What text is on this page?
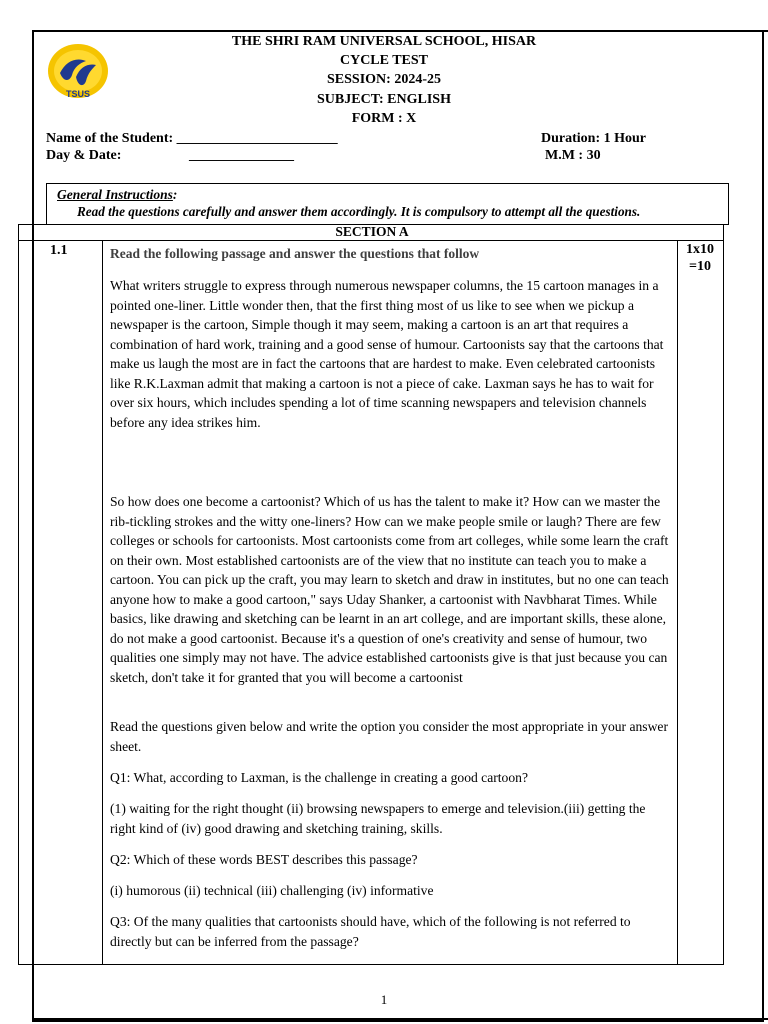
TSUS
THE SHRI RAM UNIVERSAL SCHOOL, HISAR
CYCLE TEST
SESSION: 2024-25
SUBJECT: ENGLISH
FORM : X
Name of the Student: _______________________
Day & Date:	_______________
Duration: 1 Hour
M.M : 30
General Instructions:
Read the questions carefully and answer them accordingly. It is compulsory to attempt all the questions.
SECTION A
1.1	1x10
=10
Read the following passage and answer the questions that follow

What writers struggle to express through numerous newspaper columns, the 15 cartoon manages in a pointed one-liner. Little wonder then, that the first thing most of us like to see when we pickup a newspaper is the cartoon, Simple though it may seem, making a cartoon is an art that requires a combination of hard work, training and a good sense of humour. Cartoonists say that the cartoons that make us laugh the most are in fact the cartoons that are hardest to make. Even celebrated cartoonists like R.K.Laxman admit that making a cartoon is not a piece of cake. Laxman says he has to wait for over six hours, which includes spending a lot of time scanning newspapers and television channels before any idea strikes him.

So how does one become a cartoonist? Which of us has the talent to make it? How can we master the rib-tickling strokes and the witty one-liners? How can we make people smile or laugh? There are few colleges or schools for cartoonists. Most cartoonists come from art colleges, while some learn the craft on their own. Most established cartoonists are of the view that no institute can teach you to make a cartoon. You can pick up the craft, you may learn to sketch and draw in institutes, but no one can teach anyone how to make a good cartoon," says Uday Shanker, a cartoonist with Navbharat Times. While basics, like drawing and sketching can be learnt in an art college, and are important skills, these alone, do not make a good cartoonist. Because it's a question of one's creativity and sense of humour, two qualities one simply may not have. The advice established cartoonists give is that just because you can sketch, don't take it for granted that you will become a cartoonist

Read the questions given below and write the option you consider the most appropriate in your answer sheet.

Q1: What, according to Laxman, is the challenge in creating a good cartoon?

(1) waiting for the right thought (ii) browsing newspapers to emerge and television.(iii) getting the right kind of (iv) good drawing and sketching training, skills.

Q2: Which of these words BEST describes this passage?

(i) humorous (ii) technical (iii) challenging (iv) informative

Q3: Of the many qualities that cartoonists should have, which of the following is not referred to directly but can be inferred from the passage?

1
